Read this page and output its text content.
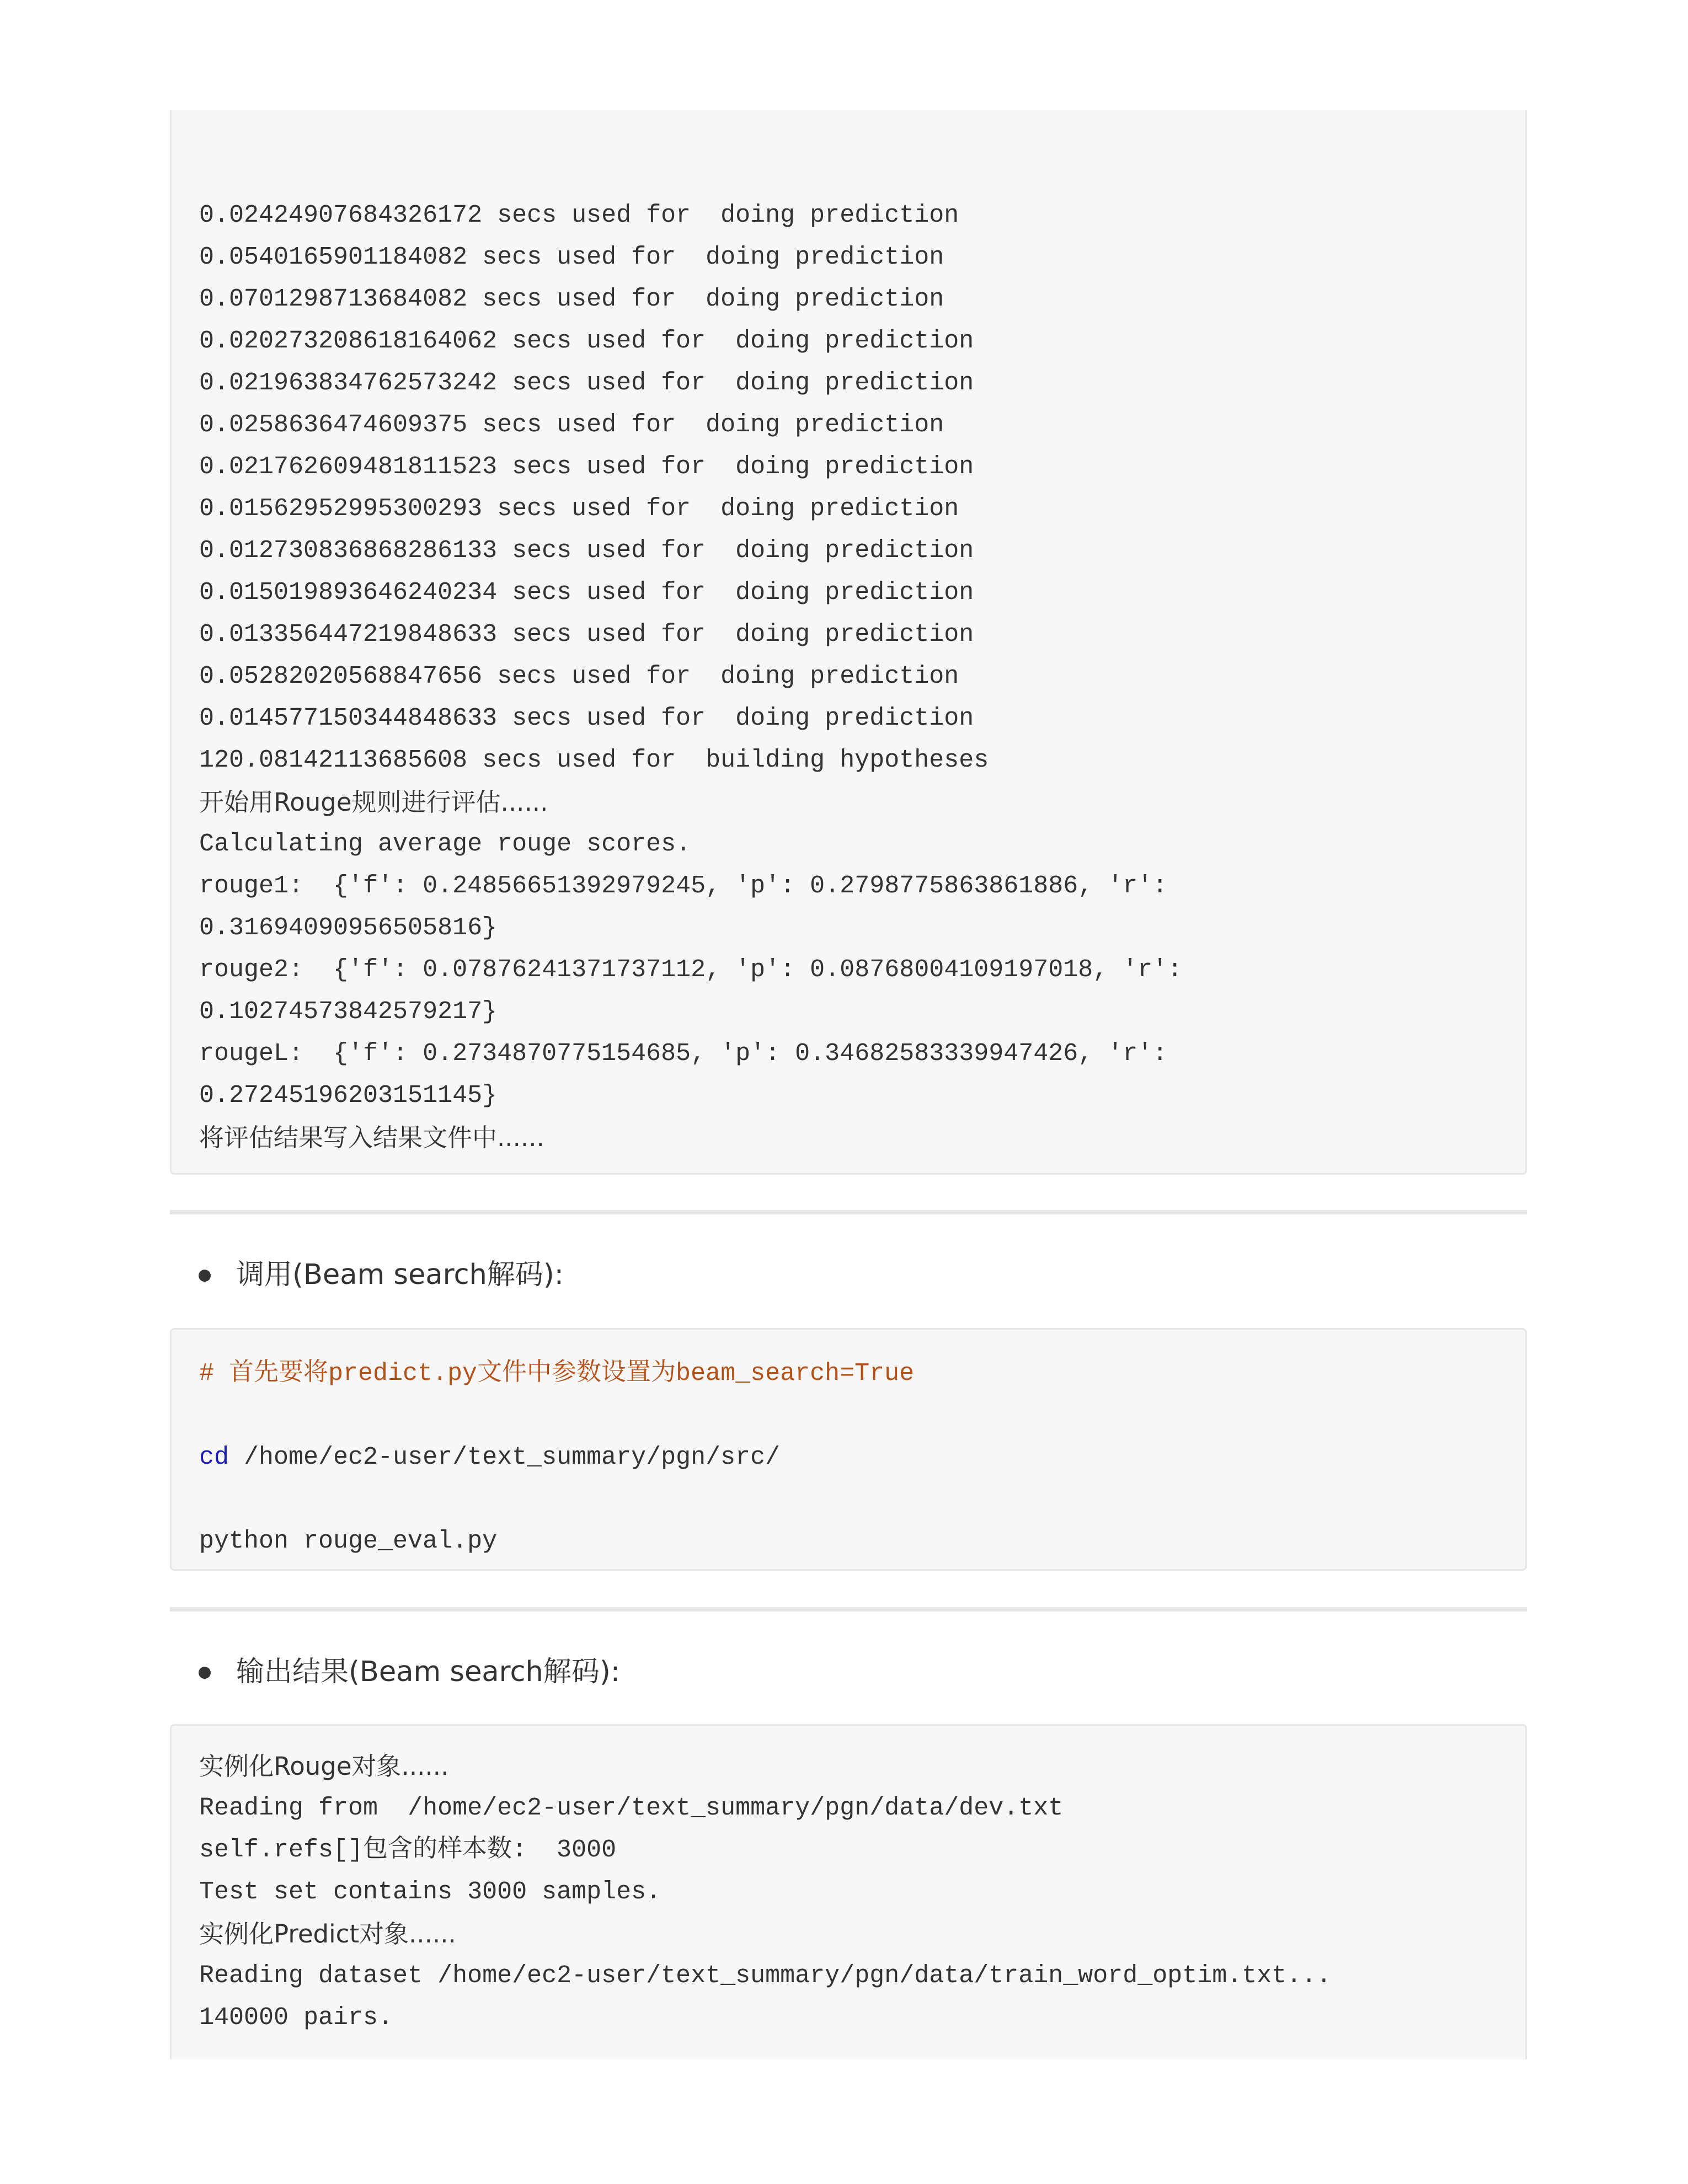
0.02424907684326172 secs used for  doing prediction
0.0540165901184082 secs used for  doing prediction
0.0701298713684082 secs used for  doing prediction
0.020273208618164062 secs used for  doing prediction
0.021963834762573242 secs used for  doing prediction
0.0258636474609375 secs used for  doing prediction
0.021762609481811523 secs used for  doing prediction
0.01562952995300293 secs used for  doing prediction
0.012730836868286133 secs used for  doing prediction
0.015019893646240234 secs used for  doing prediction
0.013356447219848633 secs used for  doing prediction
0.05282020568847656 secs used for  doing prediction
0.014577150344848633 secs used for  doing prediction
120.08142113685608 secs used for  building hypotheses
开始用Rouge规则进行评估......
Calculating average rouge scores.
rouge1:  {'f': 0.24856651392979245, 'p': 0.2798775863861886, 'r':
0.31694090956505816}
rouge2:  {'f': 0.07876241371737112, 'p': 0.08768004109197018, 'r':
0.10274573842579217}
rougeL:  {'f': 0.2734870775154685, 'p': 0.34682583339947426, 'r':
0.27245196203151145}
将评估结果写入结果文件中......
调用(Beam search解码):
# 首先要将predict.py文件中参数设置为beam_search=True
cd /home/ec2-user/text_summary/pgn/src/
python rouge_eval.py
输出结果(Beam search解码):
实例化Rouge对象......
Reading from  /home/ec2-user/text_summary/pgn/data/dev.txt
self.refs[]包含的样本数:  3000
Test set contains 3000 samples.
实例化Predict对象......
Reading dataset /home/ec2-user/text_summary/pgn/data/train_word_optim.txt...
140000 pairs.
